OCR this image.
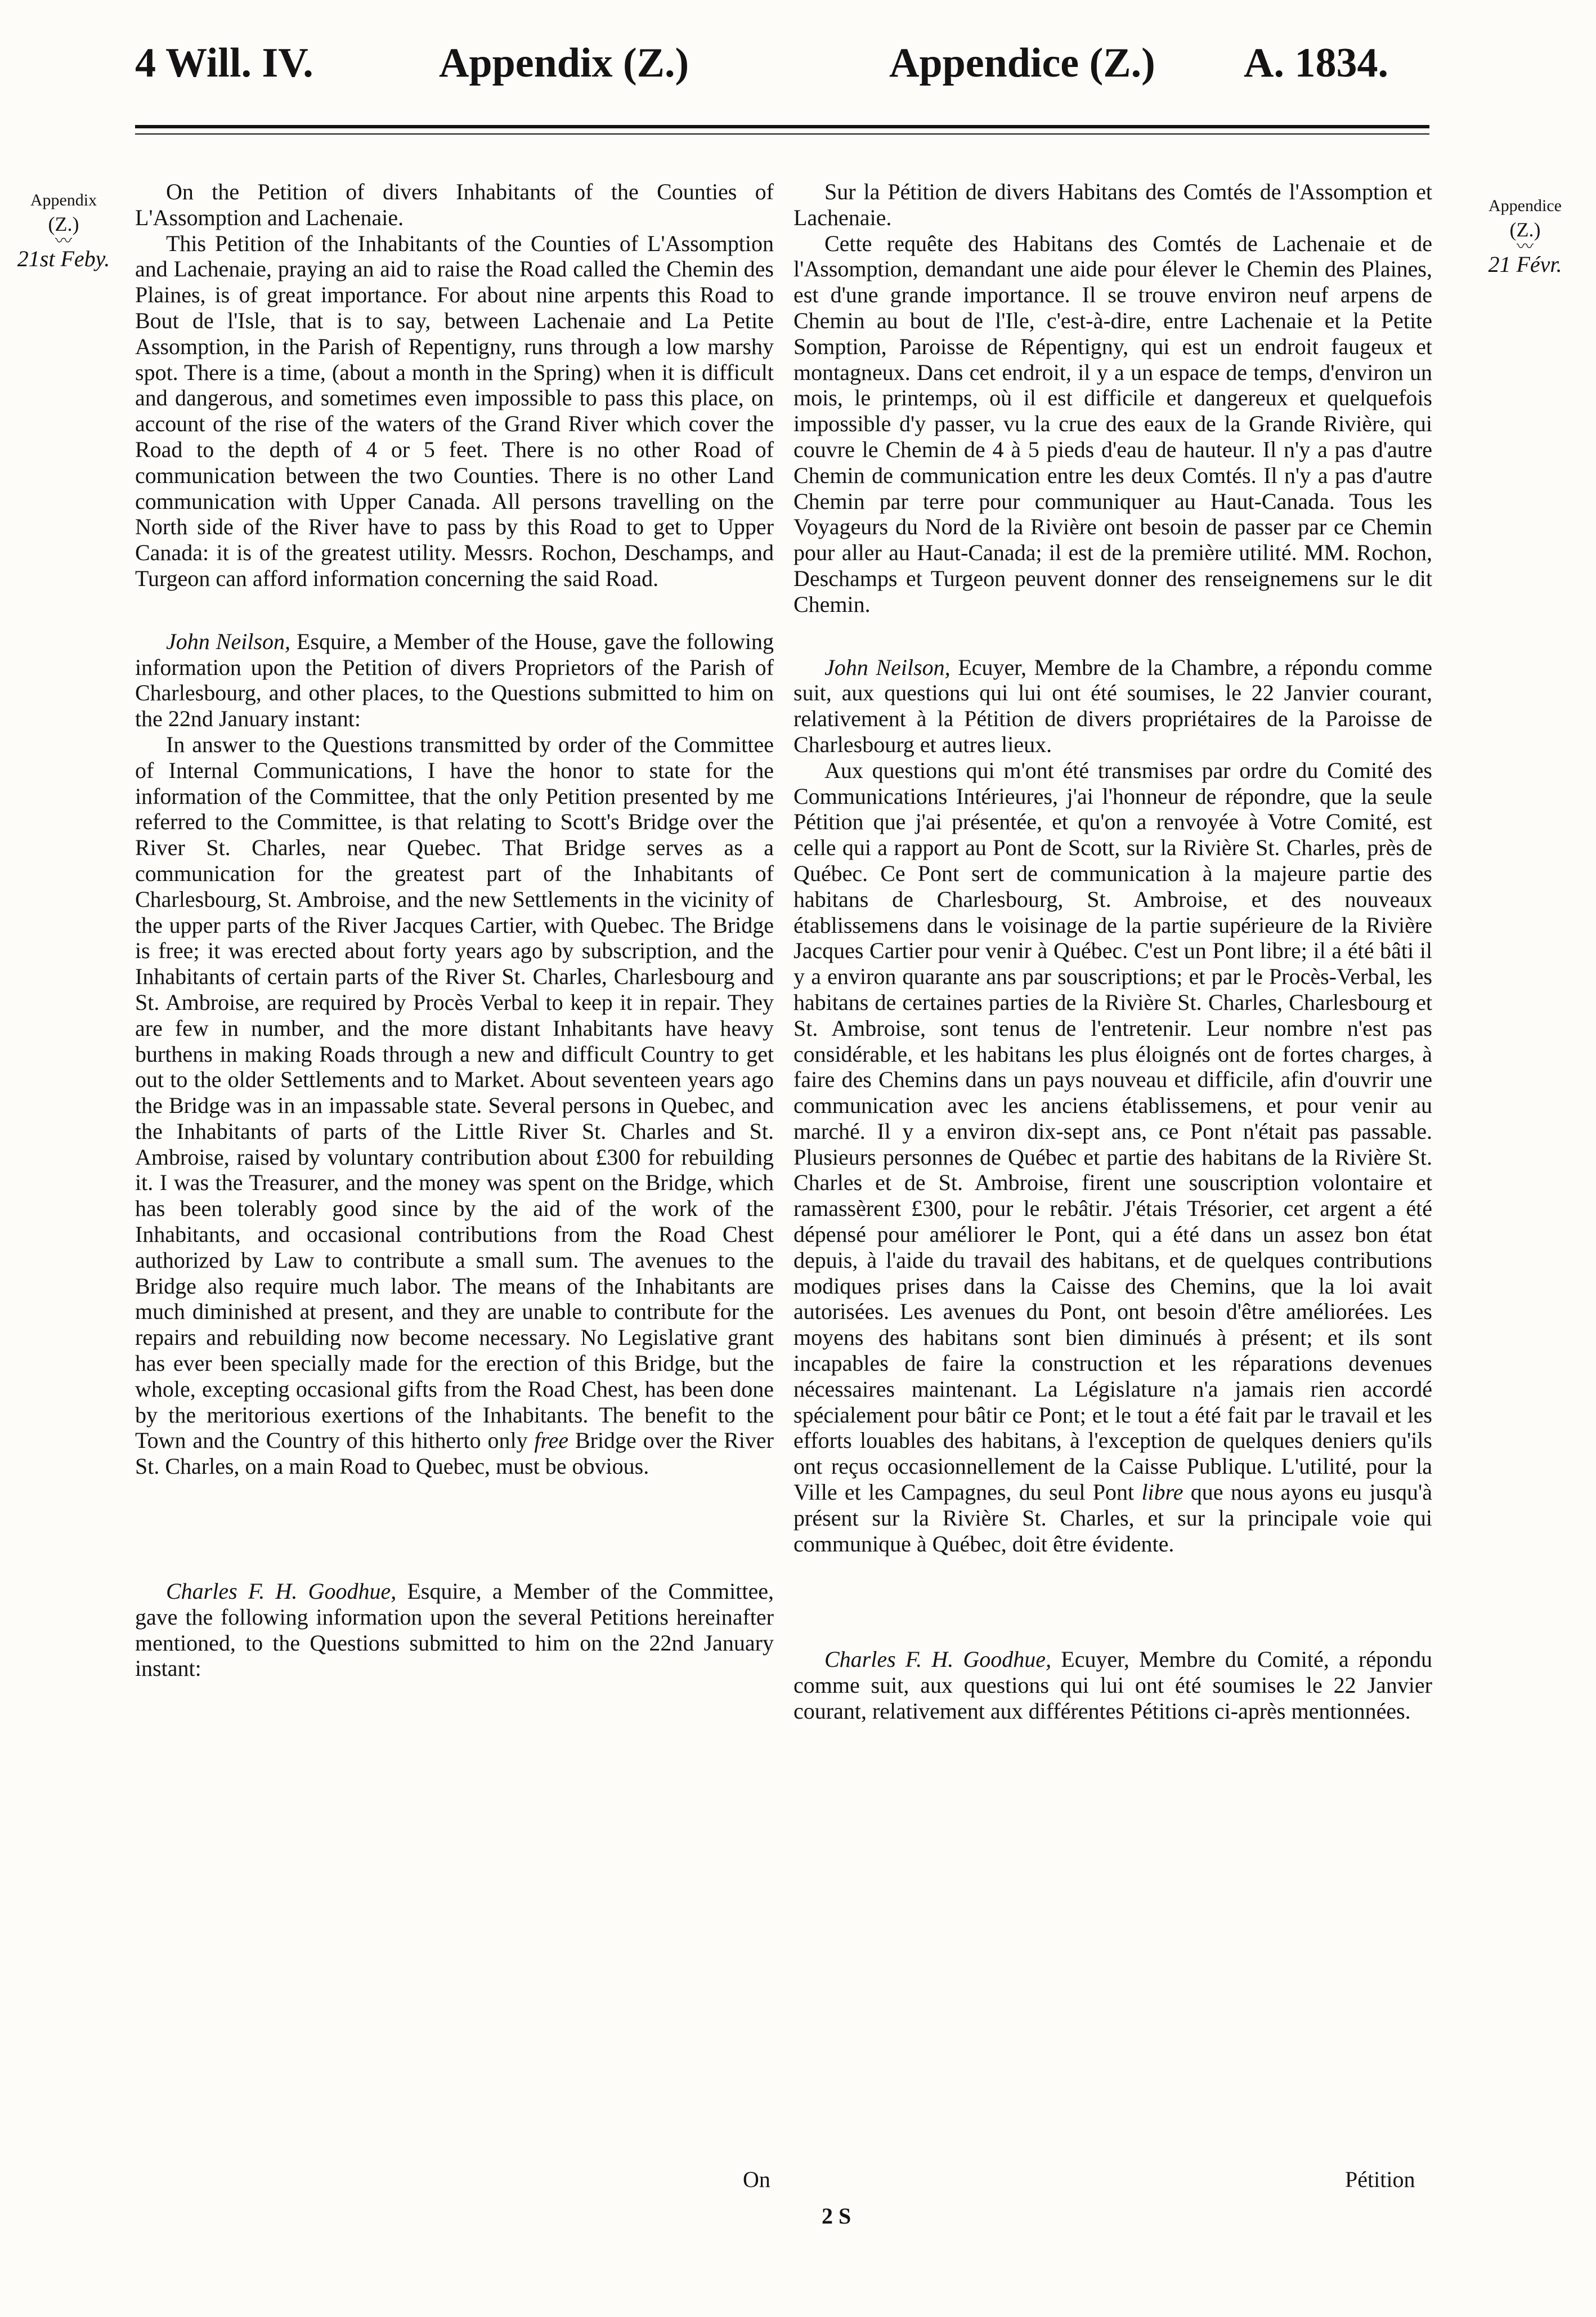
4 Will. IV.	Appendix (Z.)	Appendice (Z.) A. 1834.
Appendix
(Z.)
〰
21st Feby.
Appendice
(Z.)
〰
21 Févr.

On the Petition of divers Inhabitants of the Counties of L'Assomption and Lachenaie.

This Petition of the Inhabitants of the Counties of L'Assomption and Lachenaie, praying an aid to raise the Road called the Chemin des Plaines, is of great importance. For about nine arpents this Road to Bout de l'Isle, that is to say, between Lachenaie and La Petite Assomption, in the Parish of Repentigny, runs through a low marshy spot. There is a time, (about a month in the Spring) when it is difficult and dangerous, and sometimes even impossible to pass this place, on account of the rise of the waters of the Grand River which cover the Road to the depth of 4 or 5 feet. There is no other Road of communication between the two Counties. There is no other Land communication with Upper Canada. All persons travelling on the North side of the River have to pass by this Road to get to Upper Canada: it is of the greatest utility. Messrs. Rochon, Deschamps, and Turgeon can afford information concerning the said Road.

John Neilson, Esquire, a Member of the House, gave the following information upon the Petition of divers Proprietors of the Parish of Charlesbourg, and other places, to the Questions submitted to him on the 22nd January instant:

In answer to the Questions transmitted by order of the Committee of Internal Communications, I have the honor to state for the information of the Committee, that the only Petition presented by me referred to the Committee, is that relating to Scott's Bridge over the River St. Charles, near Quebec. That Bridge serves as a communication for the greatest part of the Inhabitants of Charlesbourg, St. Ambroise, and the new Settlements in the vicinity of the upper parts of the River Jacques Cartier, with Quebec. The Bridge is free; it was erected about forty years ago by subscription, and the Inhabitants of certain parts of the River St. Charles, Charlesbourg and St. Ambroise, are required by Procès Verbal to keep it in repair. They are few in number, and the more distant Inhabitants have heavy burthens in making Roads through a new and difficult Country to get out to the older Settlements and to Market. About seventeen years ago the Bridge was in an impassable state. Several persons in Quebec, and the Inhabitants of parts of the Little River St. Charles and St. Ambroise, raised by voluntary contribution about £300 for rebuilding it. I was the Treasurer, and the money was spent on the Bridge, which has been tolerably good since by the aid of the work of the Inhabitants, and occasional contributions from the Road Chest authorized by Law to contribute a small sum. The avenues to the Bridge also require much labor. The means of the Inhabitants are much diminished at present, and they are unable to contribute for the repairs and rebuilding now become necessary. No Legislative grant has ever been specially made for the erection of this Bridge, but the whole, excepting occasional gifts from the Road Chest, has been done by the meritorious exertions of the Inhabitants. The benefit to the Town and the Country of this hitherto only free Bridge over the River St. Charles, on a main Road to Quebec, must be obvious.

Charles F. H. Goodhue, Esquire, a Member of the Committee, gave the following information upon the several Petitions hereinafter mentioned, to the Questions submitted to him on the 22nd January instant:

Sur la Pétition de divers Habitans des Comtés de l'Assomption et Lachenaie.

Cette requête des Habitans des Comtés de Lachenaie et de l'Assomption, demandant une aide pour élever le Chemin des Plaines, est d'une grande importance. Il se trouve environ neuf arpens de Chemin au bout de l'Ile, c'est-à-dire, entre Lachenaie et la Petite Somption, Paroisse de Répentigny, qui est un endroit faugeux et montagneux. Dans cet endroit, il y a un espace de temps, d'environ un mois, le printemps, où il est difficile et dangereux et quelquefois impossible d'y passer, vu la crue des eaux de la Grande Rivière, qui couvre le Chemin de 4 à 5 pieds d'eau de hauteur. Il n'y a pas d'autre Chemin de communication entre les deux Comtés. Il n'y a pas d'autre Chemin par terre pour communiquer au Haut-Canada. Tous les Voyageurs du Nord de la Rivière ont besoin de passer par ce Chemin pour aller au Haut-Canada; il est de la première utilité. MM. Rochon, Deschamps et Turgeon peuvent donner des renseignemens sur le dit Chemin.

John Neilson, Ecuyer, Membre de la Chambre, a répondu comme suit, aux questions qui lui ont été soumises, le 22 Janvier courant, relativement à la Pétition de divers propriétaires de la Paroisse de Charlesbourg et autres lieux.

Aux questions qui m'ont été transmises par ordre du Comité des Communications Intérieures, j'ai l'honneur de répondre, que la seule Pétition que j'ai présentée, et qu'on a renvoyée à Votre Comité, est celle qui a rapport au Pont de Scott, sur la Rivière St. Charles, près de Québec. Ce Pont sert de communication à la majeure partie des habitans de Charlesbourg, St. Ambroise, et des nouveaux établissemens dans le voisinage de la partie supérieure de la Rivière Jacques Cartier pour venir à Québec. C'est un Pont libre; il a été bâti il y a environ quarante ans par souscriptions; et par le Procès-Verbal, les habitans de certaines parties de la Rivière St. Charles, Charlesbourg et St. Ambroise, sont tenus de l'entretenir. Leur nombre n'est pas considérable, et les habitans les plus éloignés ont de fortes charges, à faire des Chemins dans un pays nouveau et difficile, afin d'ouvrir une communication avec les anciens établissemens, et pour venir au marché. Il y a environ dix-sept ans, ce Pont n'était pas passable. Plusieurs personnes de Québec et partie des habitans de la Rivière St. Charles et de St. Ambroise, firent une souscription volontaire et ramassèrent £300, pour le rebâtir. J'étais Trésorier, cet argent a été dépensé pour améliorer le Pont, qui a été dans un assez bon état depuis, à l'aide du travail des habitans, et de quelques contributions modiques prises dans la Caisse des Chemins, que la loi avait autorisées. Les avenues du Pont, ont besoin d'être améliorées. Les moyens des habitans sont bien diminués à présent; et ils sont incapables de faire la construction et les réparations devenues nécessaires maintenant. La Législature n'a jamais rien accordé spécialement pour bâtir ce Pont; et le tout a été fait par le travail et les efforts louables des habitans, à l'exception de quelques deniers qu'ils ont reçus occasionnellement de la Caisse Publique. L'utilité, pour la Ville et les Campagnes, du seul Pont libre que nous ayons eu jusqu'à présent sur la Rivière St. Charles, et sur la principale voie qui communique à Québec, doit être évidente.

Charles F. H. Goodhue, Ecuyer, Membre du Comité, a répondu comme suit, aux questions qui lui ont été soumises le 22 Janvier courant, relativement aux différentes Pétitions ci-après mentionnées.

On	Pétition
2 S
